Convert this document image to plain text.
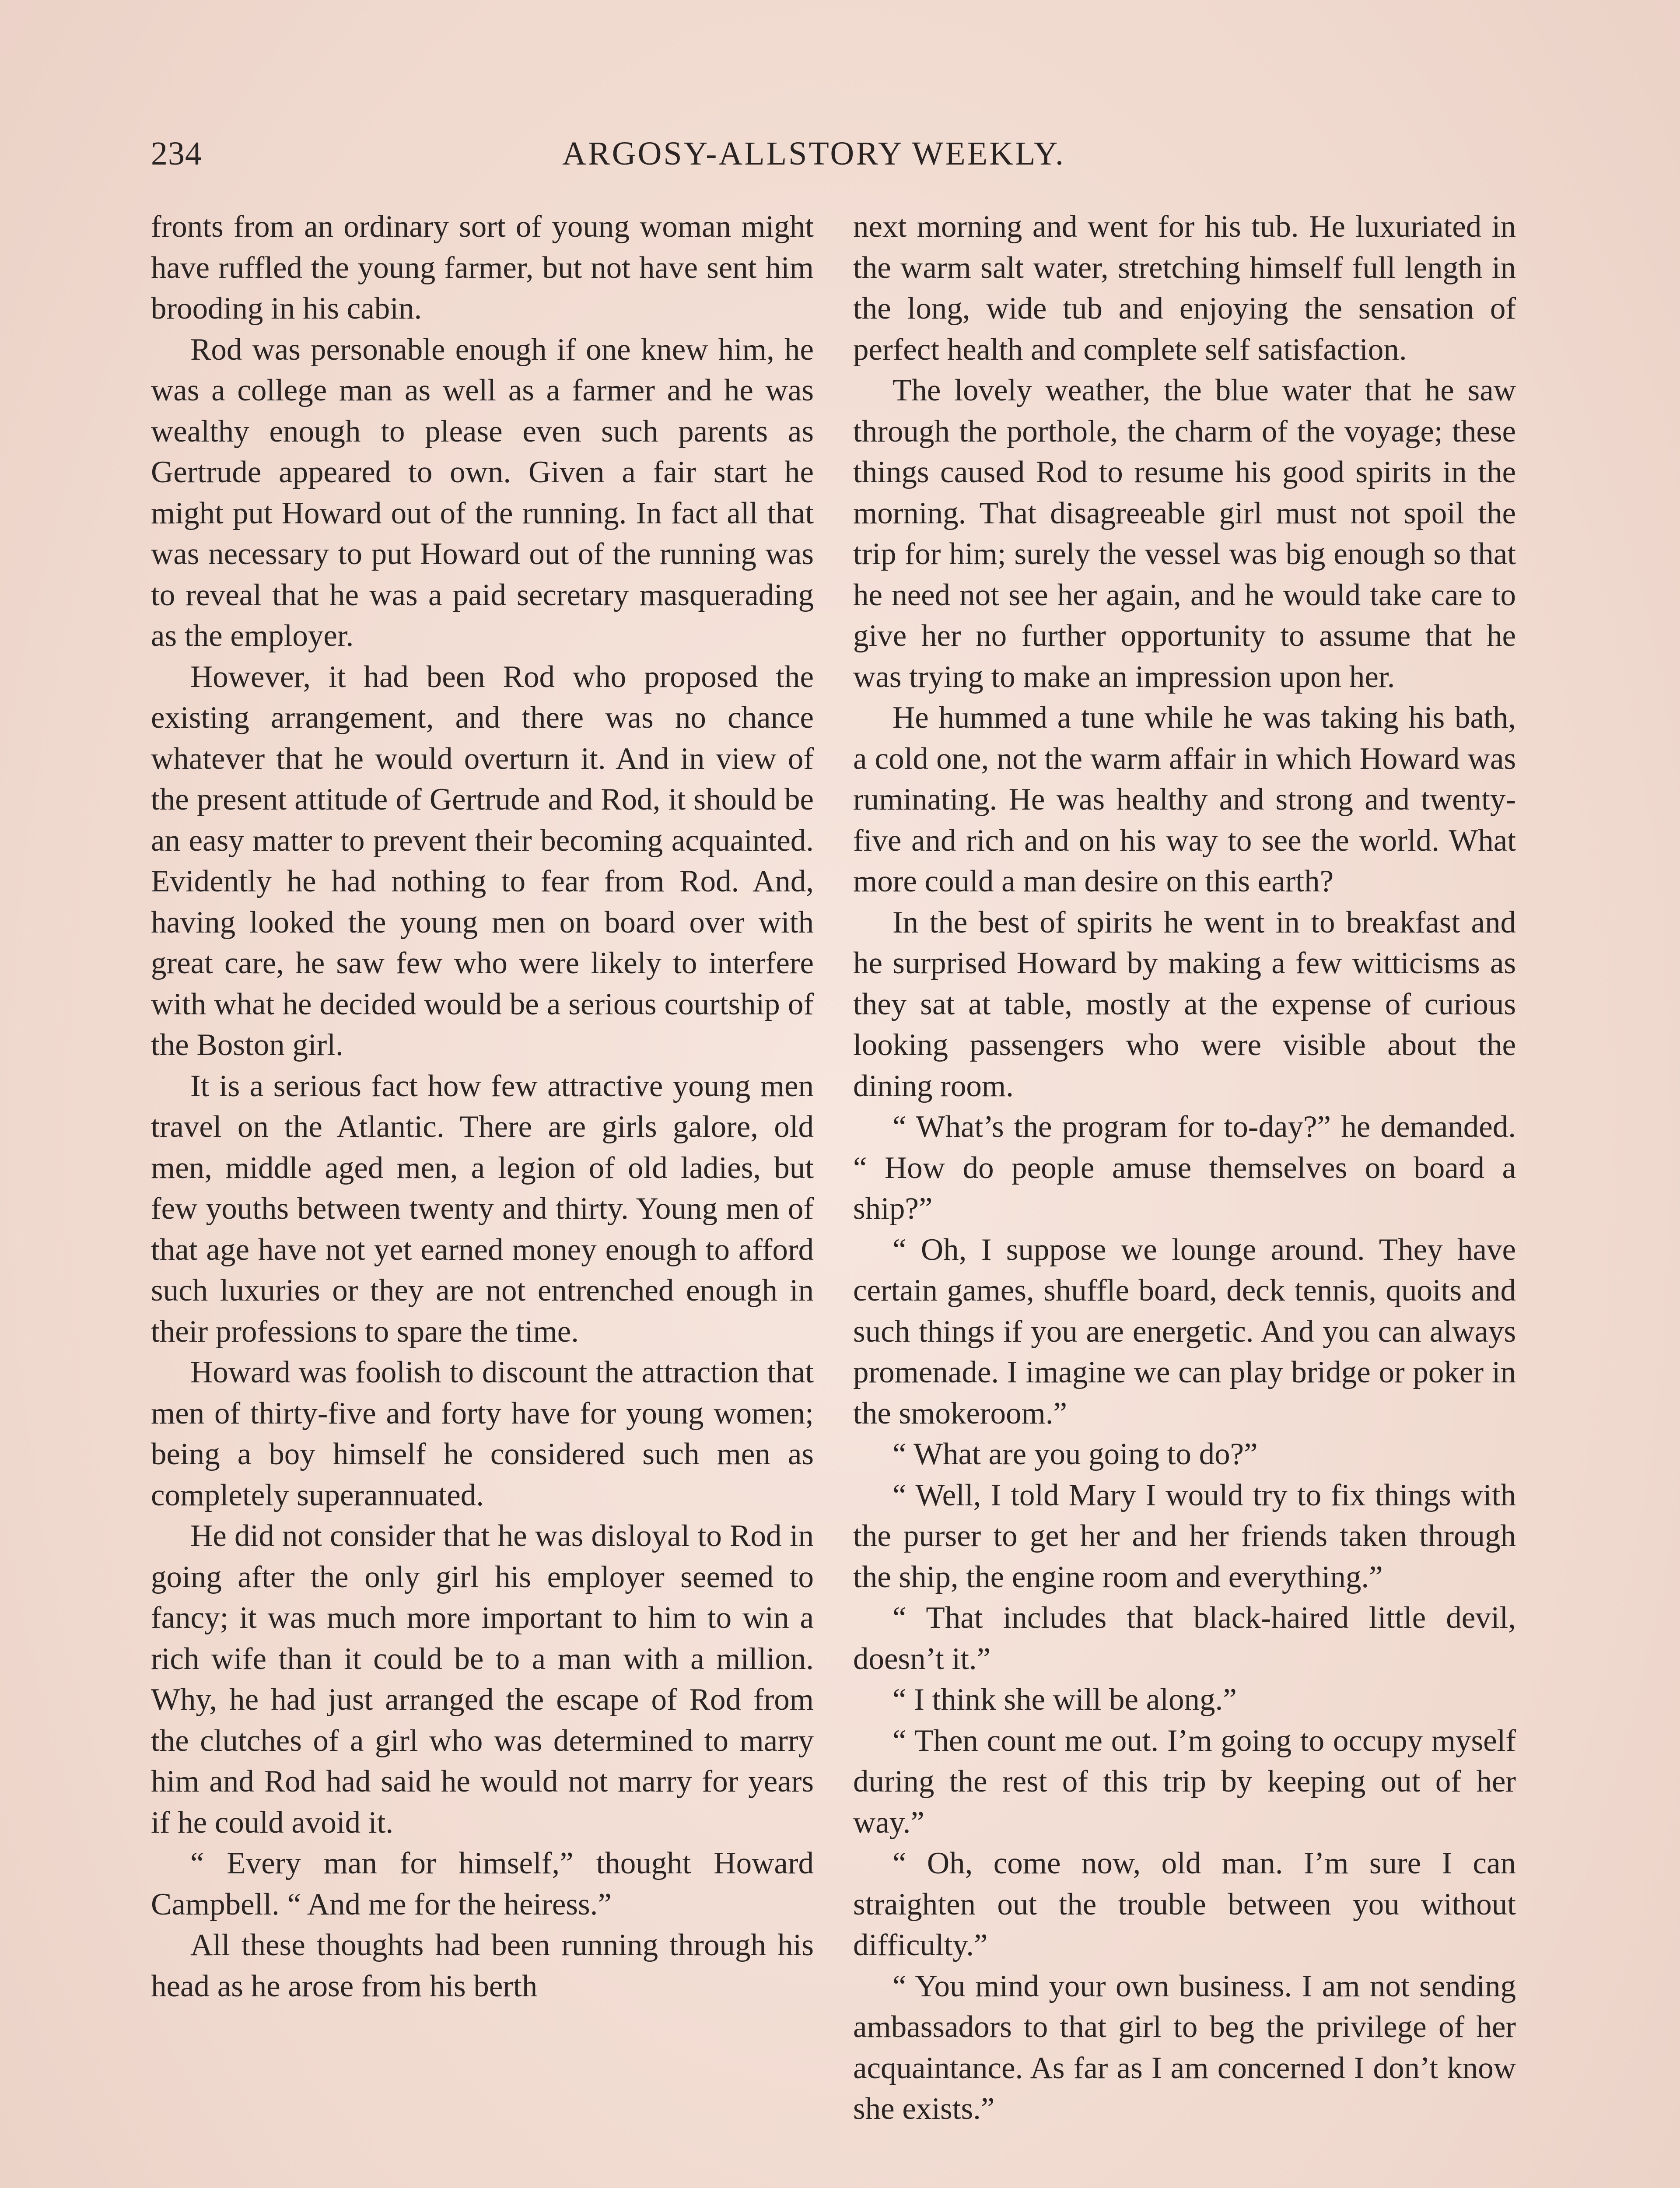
234	ARGOSY-ALLSTORY WEEKLY.

fronts from an ordinary sort of young woman might have ruffled the young farmer, but not have sent him brooding in his cabin.

Rod was personable enough if one knew him, he was a college man as well as a farmer and he was wealthy enough to please even such parents as Gertrude appeared to own. Given a fair start he might put Howard out of the running. In fact all that was necessary to put Howard out of the running was to reveal that he was a paid secretary masquerading as the employer.

However, it had been Rod who proposed the existing arrangement, and there was no chance whatever that he would overturn it. And in view of the present attitude of Gertrude and Rod, it should be an easy matter to prevent their becoming acquainted. Evidently he had nothing to fear from Rod. And, having looked the young men on board over with great care, he saw few who were likely to interfere with what he decided would be a serious courtship of the Boston girl.

It is a serious fact how few attractive young men travel on the Atlantic. There are girls galore, old men, middle aged men, a legion of old ladies, but few youths between twenty and thirty. Young men of that age have not yet earned money enough to afford such luxuries or they are not entrenched enough in their professions to spare the time.

Howard was foolish to discount the attraction that men of thirty-five and forty have for young women; being a boy himself he considered such men as completely superannuated.

He did not consider that he was disloyal to Rod in going after the only girl his employer seemed to fancy; it was much more important to him to win a rich wife than it could be to a man with a million. Why, he had just arranged the escape of Rod from the clutches of a girl who was determined to marry him and Rod had said he would not marry for years if he could avoid it.

“ Every man for himself,” thought Howard Campbell. “ And me for the heiress.”

All these thoughts had been running through his head as he arose from his berth

next morning and went for his tub. He luxuriated in the warm salt water, stretching himself full length in the long, wide tub and enjoying the sensation of perfect health and complete self satisfaction.

The lovely weather, the blue water that he saw through the porthole, the charm of the voyage; these things caused Rod to resume his good spirits in the morning. That disagreeable girl must not spoil the trip for him; surely the vessel was big enough so that he need not see her again, and he would take care to give her no further opportunity to assume that he was trying to make an impression upon her.

He hummed a tune while he was taking his bath, a cold one, not the warm affair in which Howard was ruminating. He was healthy and strong and twenty-five and rich and on his way to see the world. What more could a man desire on this earth?

In the best of spirits he went in to breakfast and he surprised Howard by making a few witticisms as they sat at table, mostly at the expense of curious looking passengers who were visible about the dining room.

“ What’s the program for to-day?” he demanded. “ How do people amuse themselves on board a ship?”

“ Oh, I suppose we lounge around. They have certain games, shuffle board, deck tennis, quoits and such things if you are energetic. And you can always promenade. I imagine we can play bridge or poker in the smokeroom.”

“ What are you going to do?”

“ Well, I told Mary I would try to fix things with the purser to get her and her friends taken through the ship, the engine room and everything.”

“ That includes that black-haired little devil, doesn’t it.”

“ I think she will be along.”

“ Then count me out. I’m going to occupy myself during the rest of this trip by keeping out of her way.”

“ Oh, come now, old man. I’m sure I can straighten out the trouble between you without difficulty.”

“ You mind your own business. I am not sending ambassadors to that girl to beg the privilege of her acquaintance. As far as I am concerned I don’t know she exists.”
